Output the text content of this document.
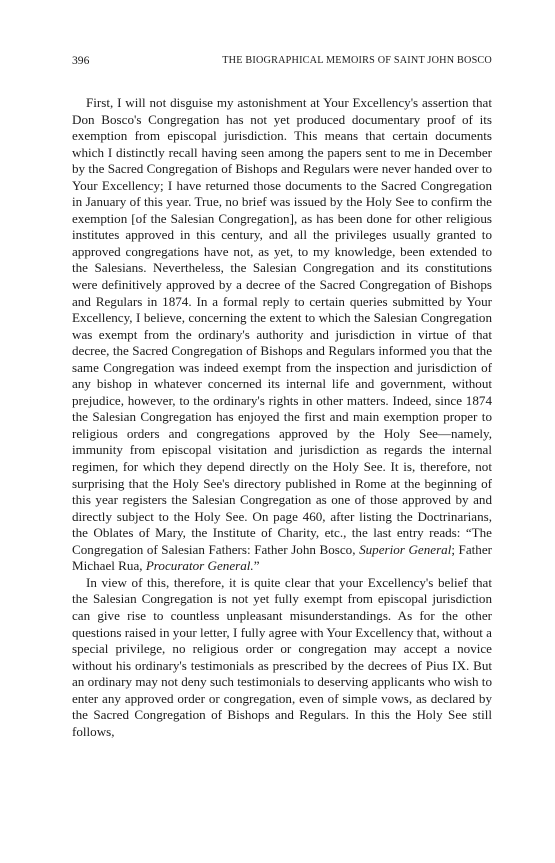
396	THE BIOGRAPHICAL MEMOIRS OF SAINT JOHN BOSCO

First, I will not disguise my astonishment at Your Excellency's assertion that Don Bosco's Congregation has not yet produced documentary proof of its exemption from episcopal jurisdiction. This means that certain documents which I distinctly recall having seen among the papers sent to me in December by the Sacred Congregation of Bishops and Regulars were never handed over to Your Excellency; I have returned those documents to the Sacred Congregation in January of this year. True, no brief was issued by the Holy See to confirm the exemption [of the Salesian Congregation], as has been done for other religious institutes approved in this century, and all the privileges usually granted to approved congregations have not, as yet, to my knowledge, been extended to the Salesians. Nevertheless, the Salesian Congregation and its constitutions were definitively approved by a decree of the Sacred Congregation of Bishops and Regulars in 1874. In a formal reply to certain queries submitted by Your Excellency, I believe, concerning the extent to which the Salesian Congregation was exempt from the ordinary's authority and jurisdiction in virtue of that decree, the Sacred Congregation of Bishops and Regulars informed you that the same Congregation was indeed exempt from the inspection and jurisdiction of any bishop in whatever concerned its internal life and government, without prejudice, however, to the ordinary's rights in other matters. Indeed, since 1874 the Salesian Congregation has enjoyed the first and main exemption proper to religious orders and congregations approved by the Holy See—namely, immunity from episcopal visitation and jurisdiction as regards the internal regimen, for which they depend directly on the Holy See. It is, therefore, not surprising that the Holy See's directory published in Rome at the beginning of this year registers the Salesian Congregation as one of those approved by and directly subject to the Holy See. On page 460, after listing the Doctrinarians, the Oblates of Mary, the Institute of Charity, etc., the last entry reads: “The Congregation of Salesian Fathers: Father John Bosco, Superior General; Father Michael Rua, Procurator General.”

In view of this, therefore, it is quite clear that your Excellency's belief that the Salesian Congregation is not yet fully exempt from episcopal jurisdiction can give rise to countless unpleasant misunderstandings. As for the other questions raised in your letter, I fully agree with Your Excellency that, without a special privilege, no religious order or congregation may accept a novice without his ordinary's testimonials as prescribed by the decrees of Pius IX. But an ordinary may not deny such testimonials to deserving applicants who wish to enter any approved order or congregation, even of simple vows, as declared by the Sacred Congregation of Bishops and Regulars. In this the Holy See still follows,
